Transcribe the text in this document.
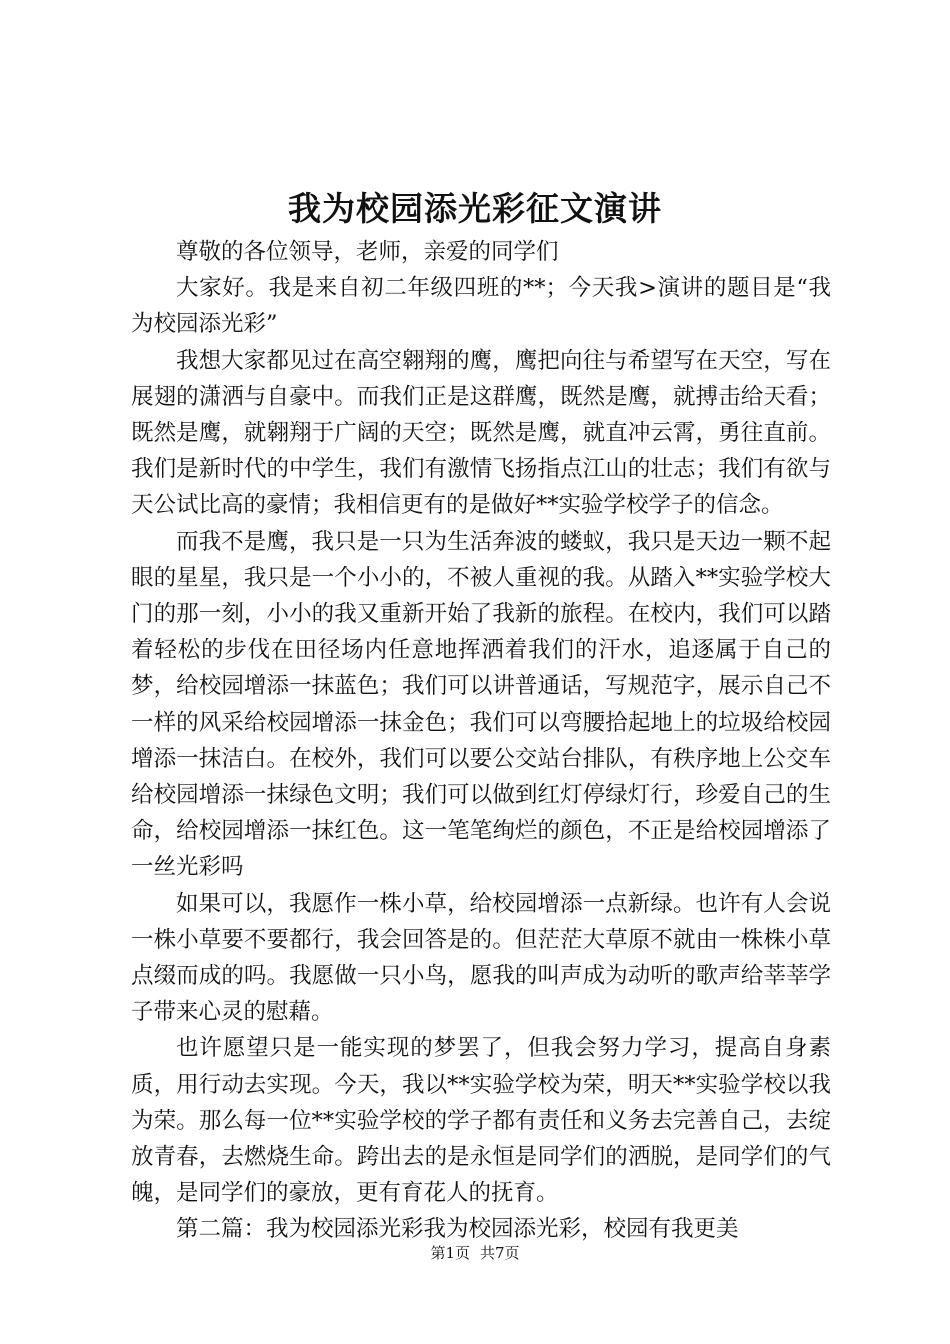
我为校园添光彩征文演讲

尊敬的各位领导，老师，亲爱的同学们

大家好。我是来自初二年级四班的**；今天我>演讲的题目是“我为校园添光彩”

我想大家都见过在高空翱翔的鹰，鹰把向往与希望写在天空，写在展翅的潇洒与自豪中。而我们正是这群鹰，既然是鹰，就搏击给天看；既然是鹰，就翱翔于广阔的天空；既然是鹰，就直冲云霄，勇往直前。我们是新时代的中学生，我们有激情飞扬指点江山的壮志；我们有欲与天公试比高的豪情；我相信更有的是做好**实验学校学子的信念。

而我不是鹰，我只是一只为生活奔波的蝼蚁，我只是天边一颗不起眼的星星，我只是一个小小的，不被人重视的我。从踏入**实验学校大门的那一刻，小小的我又重新开始了我新的旅程。在校内，我们可以踏着轻松的步伐在田径场内任意地挥洒着我们的汗水，追逐属于自己的梦，给校园增添一抹蓝色；我们可以讲普通话，写规范字，展示自己不一样的风采给校园增添一抹金色；我们可以弯腰拾起地上的垃圾给校园增添一抹洁白。在校外，我们可以要公交站台排队，有秩序地上公交车给校园增添一抹绿色文明；我们可以做到红灯停绿灯行，珍爱自己的生命，给校园增添一抹红色。这一笔笔绚烂的颜色，不正是给校园增添了一丝光彩吗

如果可以，我愿作一株小草，给校园增添一点新绿。也许有人会说一株小草要不要都行，我会回答是的。但茫茫大草原不就由一株株小草点缀而成的吗。我愿做一只小鸟，愿我的叫声成为动听的歌声给莘莘学子带来心灵的慰藉。

也许愿望只是一能实现的梦罢了，但我会努力学习，提高自身素质，用行动去实现。今天，我以**实验学校为荣，明天**实验学校以我为荣。那么每一位**实验学校的学子都有责任和义务去完善自己，去绽放青春，去燃烧生命。跨出去的是永恒是同学们的洒脱，是同学们的气魄，是同学们的豪放，更有育花人的抚育。

第二篇：我为校园添光彩我为校园添光彩，校园有我更美

第1页 共7页
